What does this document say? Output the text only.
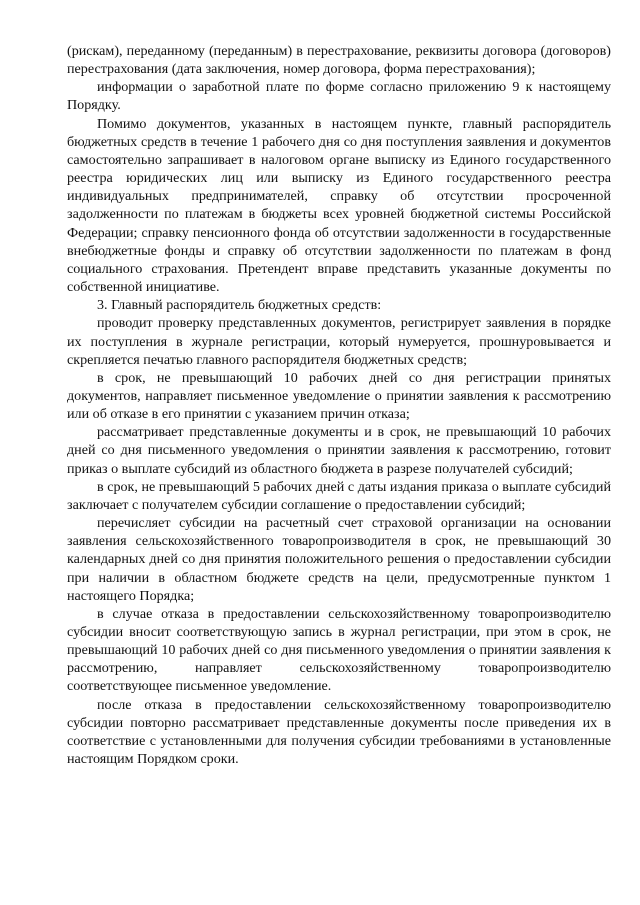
(рискам), переданному (переданным) в перестрахование, реквизиты договора (договоров) перестрахования (дата заключения, номер договора, форма перестрахования);

информации о заработной плате по форме согласно приложению 9 к настоящему Порядку.

Помимо документов, указанных в настоящем пункте, главный распорядитель бюджетных средств в течение 1 рабочего дня со дня поступления заявления и документов самостоятельно запрашивает в налоговом органе выписку из Единого государственного реестра юридических лиц или выписку из Единого государственного реестра индивидуальных предпринимателей, справку об отсутствии просроченной задолженности по платежам в бюджеты всех уровней бюджетной системы Российской Федерации; справку пенсионного фонда об отсутствии задолженности в государственные внебюджетные фонды и справку об отсутствии задолженности по платежам в фонд социального страхования. Претендент вправе представить указанные документы по собственной инициативе.

3. Главный распорядитель бюджетных средств:

проводит проверку представленных документов, регистрирует заявления в порядке их поступления в журнале регистрации, который нумеруется, прошнуровывается и скрепляется печатью главного распорядителя бюджетных средств;

в срок, не превышающий 10 рабочих дней со дня регистрации принятых документов, направляет письменное уведомление о принятии заявления к рассмотрению или об отказе в его принятии с указанием причин отказа;

рассматривает представленные документы и в срок, не превышающий 10 рабочих дней со дня письменного уведомления о принятии заявления к рассмотрению, готовит приказ о выплате субсидий из областного бюджета в разрезе получателей субсидий;

в срок, не превышающий 5 рабочих дней с даты издания приказа о выплате субсидий заключает с получателем субсидии соглашение о предоставлении субсидий;

перечисляет субсидии на расчетный счет страховой организации на основании заявления сельскохозяйственного товаропроизводителя в срок, не превышающий 30 календарных дней со дня принятия положительного решения о предоставлении субсидии при наличии в областном бюджете средств на цели, предусмотренные пунктом 1 настоящего Порядка;

в случае отказа в предоставлении сельскохозяйственному товаропроизводителю субсидии вносит соответствующую запись в журнал регистрации, при этом в срок, не превышающий 10 рабочих дней со дня письменного уведомления о принятии заявления к рассмотрению, направляет сельскохозяйственному товаропроизводителю соответствующее письменное уведомление.

после отказа в предоставлении сельскохозяйственному товаропроизводителю субсидии повторно рассматривает представленные документы после приведения их в соответствие с установленными для получения субсидии требованиями в установленные настоящим Порядком сроки.
